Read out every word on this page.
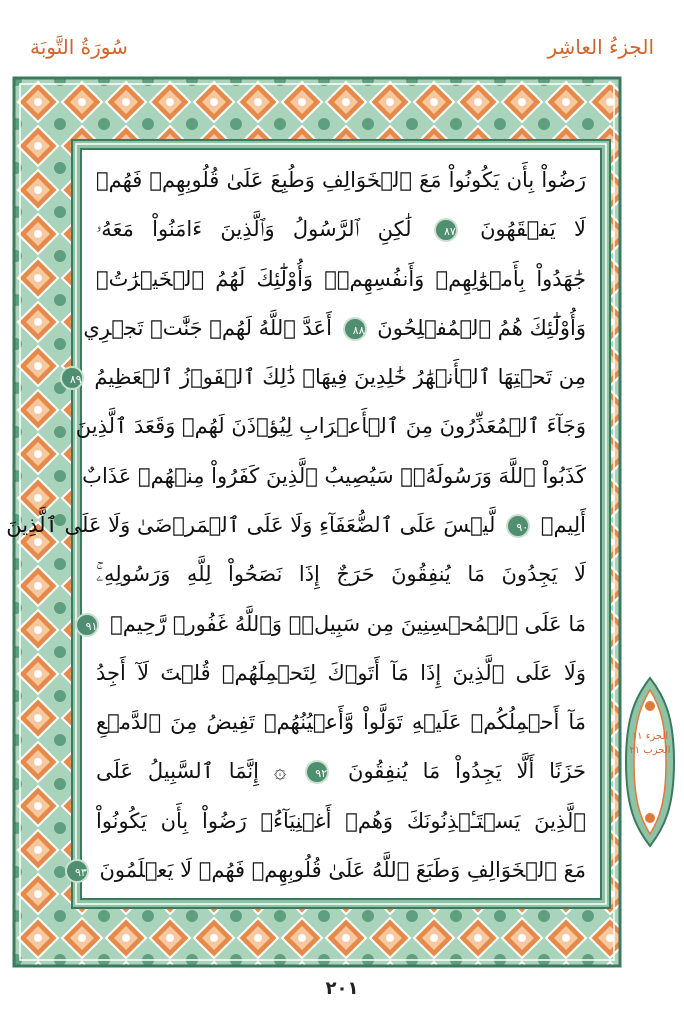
الجزءُ العاشِر
سُورَةُ التَّوبَة
رَضُواْ بِأَن يَكُونُواْ مَعَ ٱلۡخَوَالِفِ وَطُبِعَ عَلَىٰ قُلُوبِهِمۡ فَهُمۡ
لَا يَفۡقَهُونَ ٨٧ لَٰكِنِ ٱلرَّسُولُ وَٱلَّذِينَ ءَامَنُواْ مَعَهُۥ
جَٰهَدُواْ بِأَمۡوَٰلِهِمۡ وَأَنفُسِهِمۡۚ وَأُوْلَٰٓئِكَ لَهُمُ ٱلۡخَيۡرَٰتُۖ
وَأُوْلَٰٓئِكَ هُمُ ٱلۡمُفۡلِحُونَ ٨٨ أَعَدَّ ٱللَّهُ لَهُمۡ جَنَّٰتٖ تَجۡرِي
مِن تَحۡتِهَا ٱلۡأَنۡهَٰرُ خَٰلِدِينَ فِيهَاۚ ذَٰلِكَ ٱلۡفَوۡزُ ٱلۡعَظِيمُ ٨٩
وَجَآءَ ٱلۡمُعَذِّرُونَ مِنَ ٱلۡأَعۡرَابِ لِيُؤۡذَنَ لَهُمۡ وَقَعَدَ ٱلَّذِينَ
كَذَبُواْ ٱللَّهَ وَرَسُولَهُۥۚ سَيُصِيبُ ٱلَّذِينَ كَفَرُواْ مِنۡهُمۡ عَذَابٌ
أَلِيمٞ ٩٠ لَّيۡسَ عَلَى ٱلضُّعَفَآءِ وَلَا عَلَى ٱلۡمَرۡضَىٰ وَلَا عَلَى ٱلَّذِينَ
لَا يَجِدُونَ مَا يُنفِقُونَ حَرَجٌ إِذَا نَصَحُواْ لِلَّهِ وَرَسُولِهِۦۚ
مَا عَلَى ٱلۡمُحۡسِنِينَ مِن سَبِيلٖۚ وَٱللَّهُ غَفُورٞ رَّحِيمٞ ٩١
وَلَا عَلَى ٱلَّذِينَ إِذَا مَآ أَتَوۡكَ لِتَحۡمِلَهُمۡ قُلۡتَ لَآ أَجِدُ
مَآ أَحۡمِلُكُمۡ عَلَيۡهِ تَوَلَّواْ وَّأَعۡيُنُهُمۡ تَفِيضُ مِنَ ٱلدَّمۡعِ
حَزَنًا أَلَّا يَجِدُواْ مَا يُنفِقُونَ ٩٢ ۞ إِنَّمَا ٱلسَّبِيلُ عَلَى
ٱلَّذِينَ يَسۡتَـٔۡذِنُونَكَ وَهُمۡ أَغۡنِيَآءُۚ رَضُواْ بِأَن يَكُونُواْ
مَعَ ٱلۡخَوَالِفِ وَطَبَعَ ٱللَّهُ عَلَىٰ قُلُوبِهِمۡ فَهُمۡ لَا يَعۡلَمُونَ ٩٣
الجزء ١١
الحزب ٢١
٢٠١
